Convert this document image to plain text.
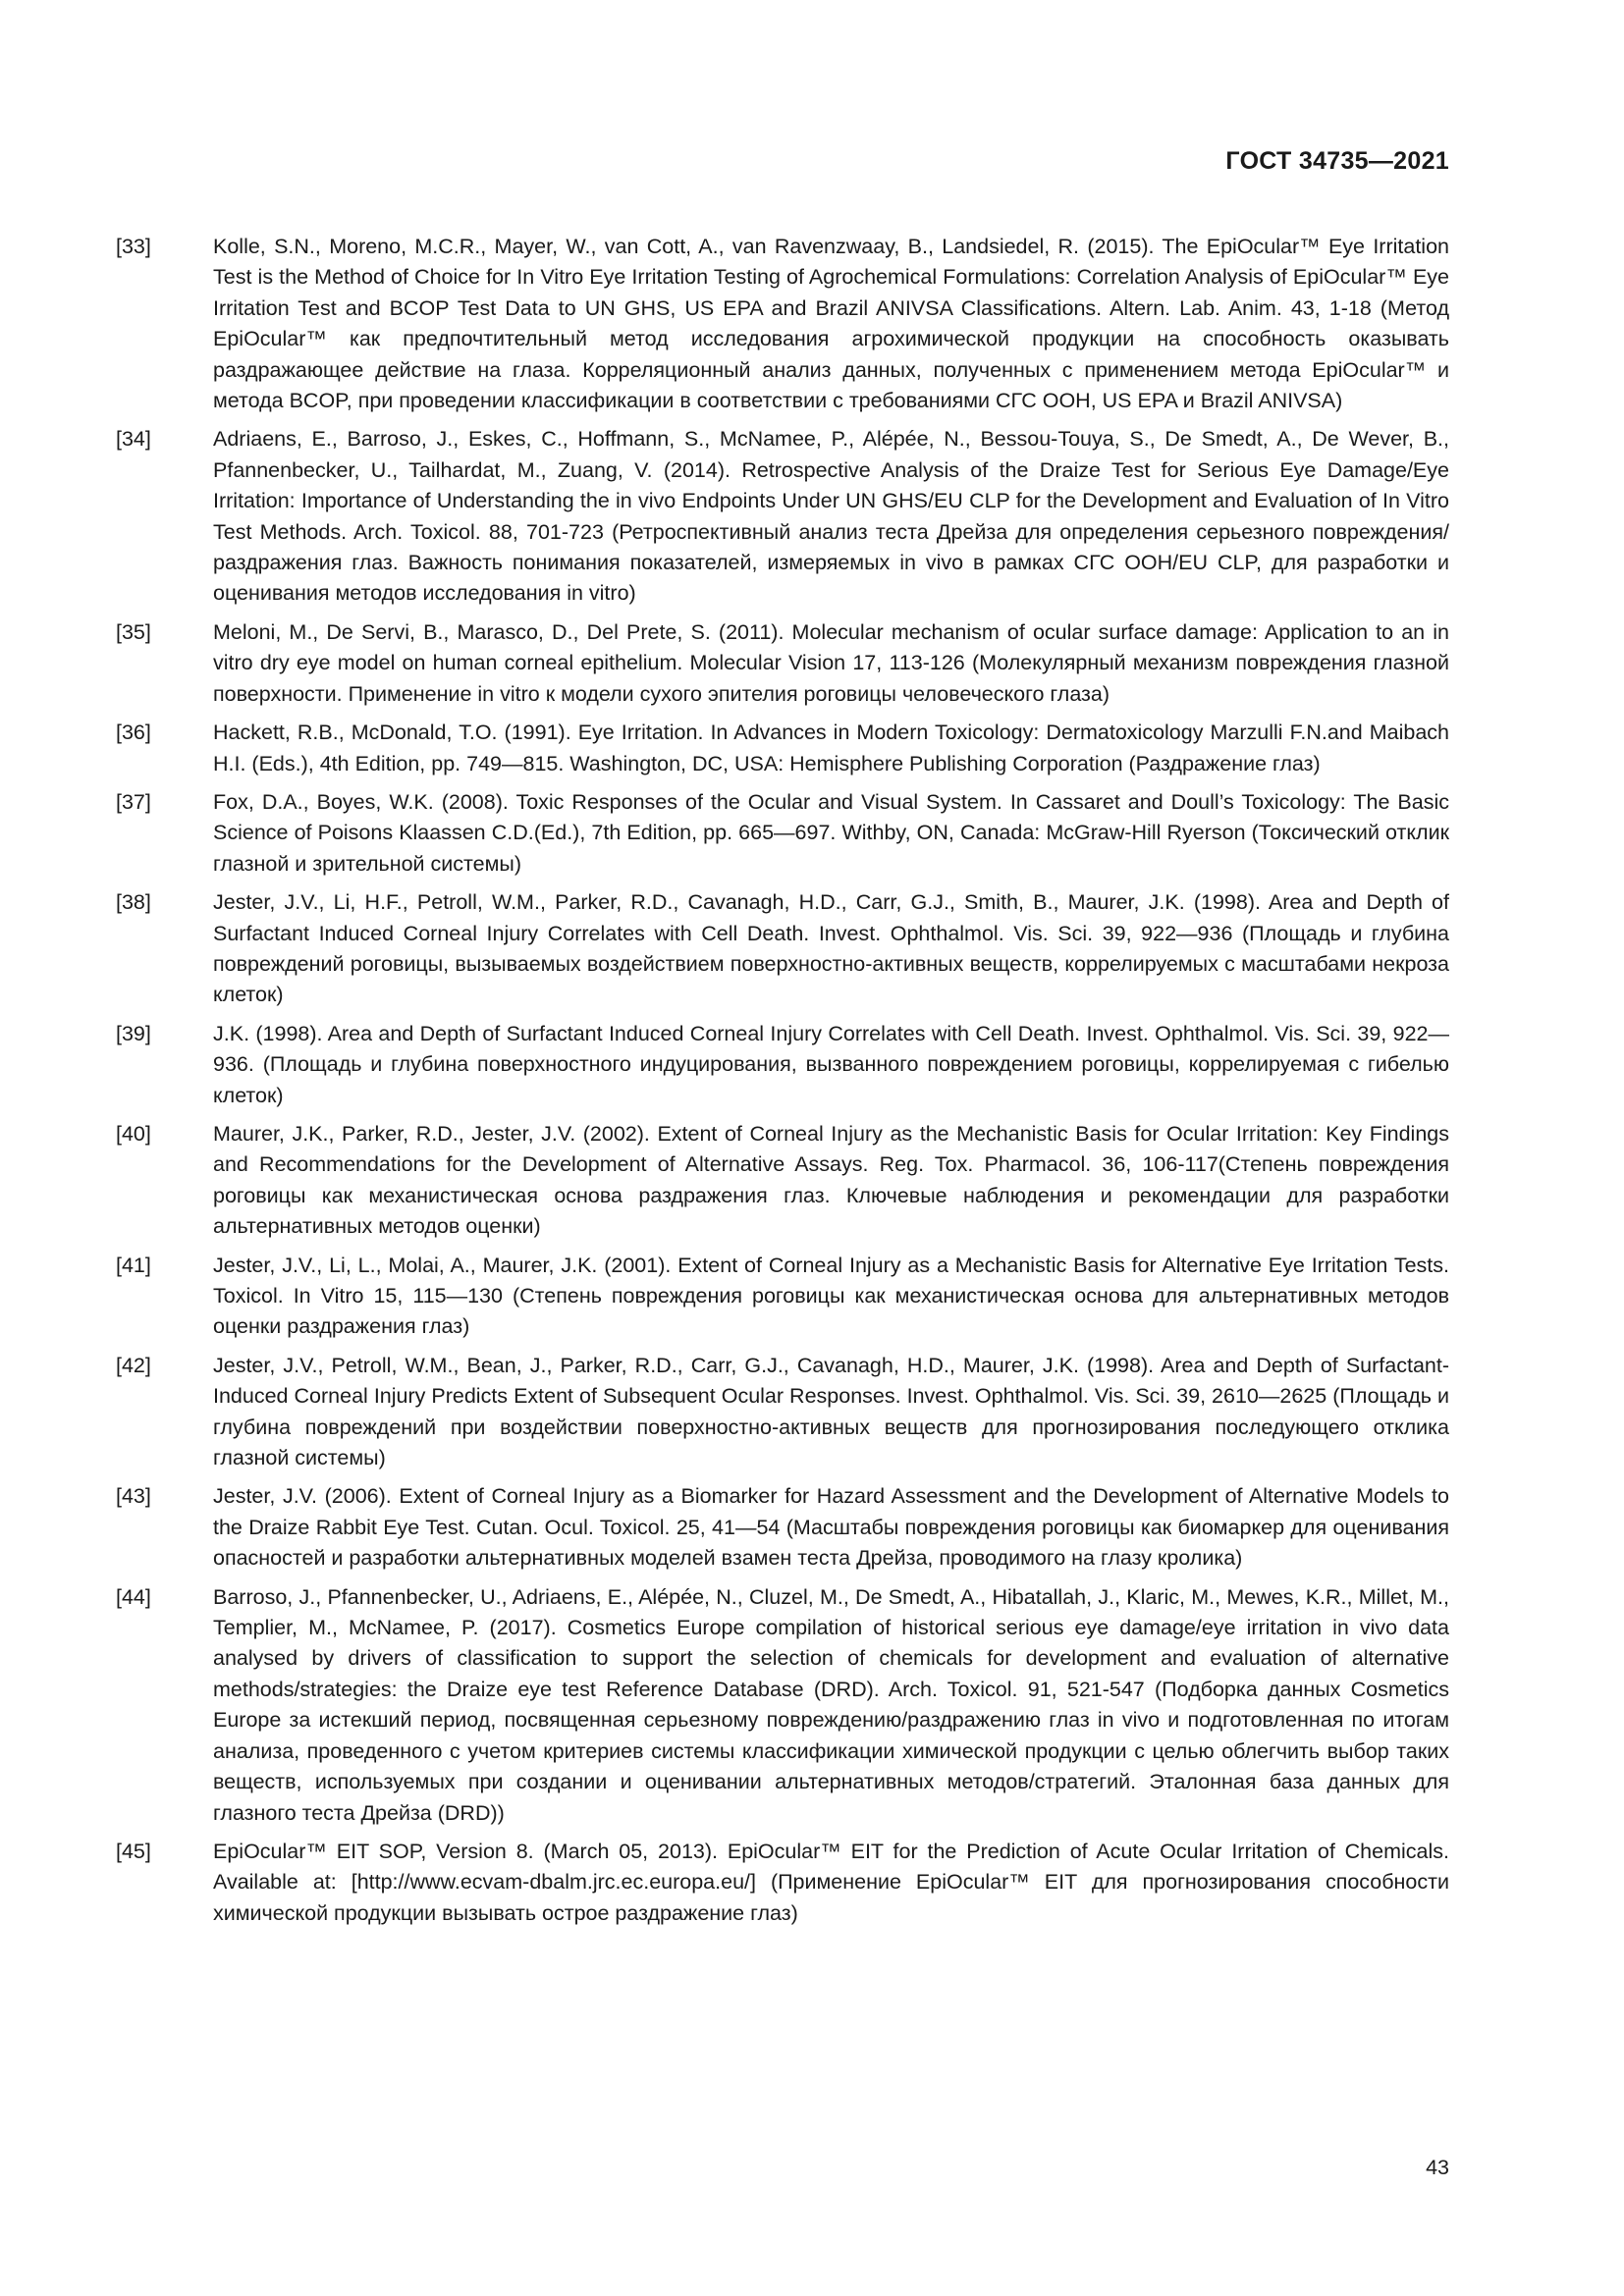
ГОСТ 34735—2021
[33]	Kolle, S.N., Moreno, M.C.R., Mayer, W., van Cott, A., van Ravenzwaay, B., Landsiedel, R. (2015). The EpiOcular™ Eye Irritation Test is the Method of Choice for In Vitro Eye Irritation Testing of Agrochemical Formulations: Correlation Analysis of EpiOcular™ Eye Irritation Test and BCOP Test Data to UN GHS, US EPA and Brazil ANIVSA Classifications. Altern. Lab. Anim. 43, 1-18 (Метод EpiOcular™ как предпочтительный метод исследования агрохимической продукции на способность оказывать раздражающее действие на глаза. Корреляционный анализ данных, полученных с применением метода EpiOcular™ и метода BCOP, при проведении классификации в соответствии с требованиями СГС ООН, US EPA и Brazil ANIVSA)
[34]	Adriaens, E., Barroso, J., Eskes, C., Hoffmann, S., McNamee, P., Alépée, N., Bessou-Touya, S., De Smedt, A., De Wever, B., Pfannenbecker, U., Tailhardat, M., Zuang, V. (2014). Retrospective Analysis of the Draize Test for Serious Eye Damage/Eye Irritation: Importance of Understanding the in vivo Endpoints Under UN GHS/EU CLP for the Development and Evaluation of In Vitro Test Methods. Arch. Toxicol. 88, 701-723 (Ретроспективный анализ теста Дрейза для определения серьезного повреждения/раздражения глаз. Важность понимания показателей, измеряемых in vivo в рамках СГС ООН/EU CLP, для разработки и оценивания методов исследования in vitro)
[35]	Meloni, M., De Servi, B., Marasco, D., Del Prete, S. (2011). Molecular mechanism of ocular surface damage: Application to an in vitro dry eye model on human corneal epithelium. Molecular Vision 17, 113-126 (Молекулярный механизм повреждения глазной поверхности. Применение in vitro к модели сухого эпителия роговицы человеческого глаза)
[36]	Hackett, R.B., McDonald, T.O. (1991). Eye Irritation. In Advances in Modern Toxicology: Dermatoxicology Marzulli F.N.and Maibach H.I. (Eds.), 4th Edition, pp. 749—815. Washington, DC, USA: Hemisphere Publishing Corporation (Раздражение глаз)
[37]	Fox, D.A., Boyes, W.K. (2008). Toxic Responses of the Ocular and Visual System. In Cassaret and Doull’s Toxicology: The Basic Science of Poisons Klaassen C.D.(Ed.), 7th Edition, pp. 665—697. Withby, ON, Canada: McGraw-Hill Ryerson (Токсический отклик глазной и зрительной системы)
[38]	Jester, J.V., Li, H.F., Petroll, W.M., Parker, R.D., Cavanagh, H.D., Carr, G.J., Smith, B., Maurer, J.K. (1998). Area and Depth of Surfactant Induced Corneal Injury Correlates with Cell Death. Invest. Ophthalmol. Vis. Sci. 39, 922—936 (Площадь и глубина повреждений роговицы, вызываемых воздействием поверхностно-активных веществ, коррелируемых с масштабами некроза клеток)
[39]	J.K. (1998). Area and Depth of Surfactant Induced Corneal Injury Correlates with Cell Death. Invest. Ophthalmol. Vis. Sci. 39, 922—936. (Площадь и глубина поверхностного индуцирования, вызванного повреждением роговицы, коррелируемая с гибелью клеток)
[40]	Maurer, J.K., Parker, R.D., Jester, J.V. (2002). Extent of Corneal Injury as the Mechanistic Basis for Ocular Irritation: Key Findings and Recommendations for the Development of Alternative Assays. Reg. Tox. Pharmacol. 36, 106-117(Степень повреждения роговицы как механистическая основа раздражения глаз. Ключевые наблюдения и рекомендации для разработки альтернативных методов оценки)
[41]	Jester, J.V., Li, L., Molai, A., Maurer, J.K. (2001). Extent of Corneal Injury as a Mechanistic Basis for Alternative Eye Irritation Tests. Toxicol. In Vitro 15, 115—130 (Степень повреждения роговицы как механистическая основа для альтернативных методов оценки раздражения глаз)
[42]	Jester, J.V., Petroll, W.M., Bean, J., Parker, R.D., Carr, G.J., Cavanagh, H.D., Maurer, J.K. (1998). Area and Depth of Surfactant-Induced Corneal Injury Predicts Extent of Subsequent Ocular Responses. Invest. Ophthalmol. Vis. Sci. 39, 2610—2625 (Площадь и глубина повреждений при воздействии поверхностно-активных веществ для прогнозирования последующего отклика глазной системы)
[43]	Jester, J.V. (2006). Extent of Corneal Injury as a Biomarker for Hazard Assessment and the Development of Alternative Models to the Draize Rabbit Eye Test. Cutan. Ocul. Toxicol. 25, 41—54 (Масштабы повреждения роговицы как биомаркер для оценивания опасностей и разработки альтернативных моделей взамен теста Дрейза, проводимого на глазу кролика)
[44]	Barroso, J., Pfannenbecker, U., Adriaens, E., Alépée, N., Cluzel, M., De Smedt, A., Hibatallah, J., Klaric, M., Mewes, K.R., Millet, M., Templier, M., McNamee, P. (2017). Cosmetics Europe compilation of historical serious eye damage/eye irritation in vivo data analysed by drivers of classification to support the selection of chemicals for development and evaluation of alternative methods/strategies: the Draize eye test Reference Database (DRD). Arch. Toxicol. 91, 521-547 (Подборка данных Cosmetics Europe за истекший период, посвященная серьезному повреждению/раздражению глаз in vivo и подготовленная по итогам анализа, проведенного с учетом критериев системы классификации химической продукции с целью облегчить выбор таких веществ, используемых при создании и оценивании альтернативных методов/стратегий. Эталонная база данных для глазного теста Дрейза (DRD))
[45]	EpiOcular™ EIT SOP, Version 8. (March 05, 2013). EpiOcular™ EIT for the Prediction of Acute Ocular Irritation of Chemicals. Available at: [http://www.ecvam-dbalm.jrc.ec.europa.eu/] (Применение EpiOcular™ EIT для прогнозирования способности химической продукции вызывать острое раздражение глаз)
43
